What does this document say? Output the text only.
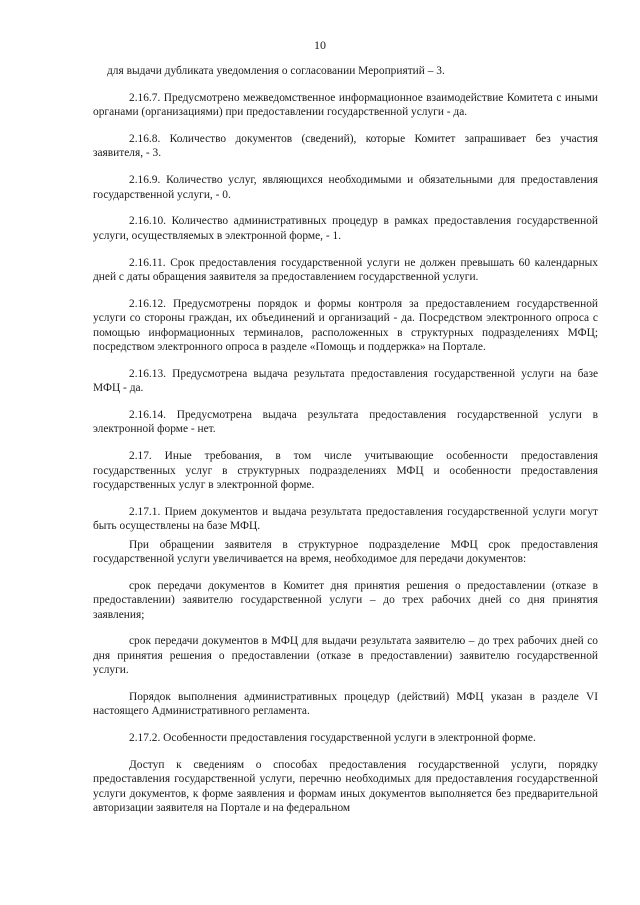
10

для выдачи дубликата уведомления о согласовании Мероприятий – 3.

2.16.7. Предусмотрено межведомственное информационное взаимодействие Комитета с иными органами (организациями) при предоставлении государственной услуги - да.

2.16.8. Количество документов (сведений), которые Комитет запрашивает без участия заявителя, - 3.

2.16.9. Количество услуг, являющихся необходимыми и обязательными для предоставления государственной услуги, - 0.

2.16.10. Количество административных процедур в рамках предоставления государственной услуги, осуществляемых в электронной форме, - 1.

2.16.11. Срок предоставления государственной услуги не должен превышать 60 календарных дней с даты обращения заявителя за предоставлением государственной услуги.

2.16.12. Предусмотрены порядок и формы контроля за предоставлением государственной услуги со стороны граждан, их объединений и организаций - да. Посредством электронного опроса с помощью информационных терминалов, расположенных в структурных подразделениях МФЦ; посредством электронного опроса в разделе «Помощь и поддержка» на Портале.

2.16.13. Предусмотрена выдача результата предоставления государственной услуги на базе МФЦ - да.

2.16.14. Предусмотрена выдача результата предоставления государственной услуги в электронной форме - нет.

2.17. Иные требования, в том числе учитывающие особенности предоставления государственных услуг в структурных подразделениях МФЦ и особенности предоставления государственных услуг в электронной форме.

2.17.1. Прием документов и выдача результата предоставления государственной услуги могут быть осуществлены на базе МФЦ.

При обращении заявителя в структурное подразделение МФЦ срок предоставления государственной услуги увеличивается на время, необходимое для передачи документов:

срок передачи документов в Комитет дня принятия решения о предоставлении (отказе в предоставлении) заявителю государственной услуги – до трех рабочих дней со дня принятия заявления;

срок передачи документов в МФЦ для выдачи результата заявителю – до трех рабочих дней со дня принятия решения о предоставлении (отказе в предоставлении) заявителю государственной услуги.

Порядок выполнения административных процедур (действий) МФЦ указан в разделе VI настоящего Административного регламента.

2.17.2. Особенности предоставления государственной услуги в электронной форме.

Доступ к сведениям о способах предоставления государственной услуги, порядку предоставления государственной услуги, перечню необходимых для предоставления государственной услуги документов, к форме заявления и формам иных документов выполняется без предварительной авторизации заявителя на Портале и на федеральном
